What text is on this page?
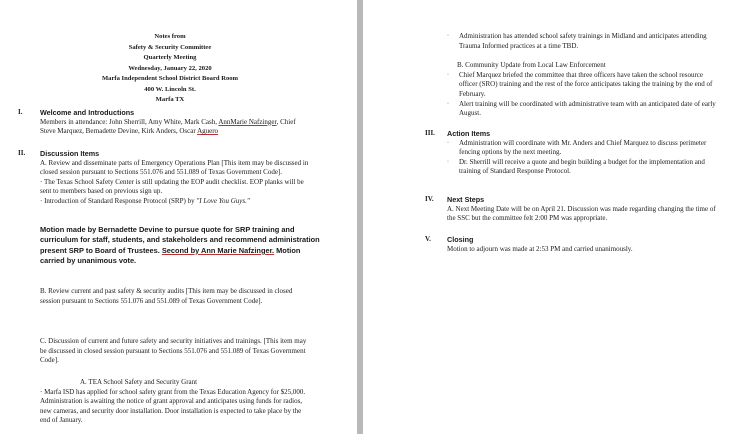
Notes from
Safety & Security Committee
Quarterly Meeting
Wednesday, January 22, 2020
Marfa Independent School District Board Room
400 W. Lincoln St.
Marfa TX
I. Welcome and Introductions
Members in attendance: John Sherrill, Amy White, Mark Cash, AnnMarie Nafzinger, Chief Steve Marquez, Bernadette Devine, Kirk Anders, Oscar Aguero
II. Discussion Items
A. Review and disseminate parts of Emergency Operations Plan [This item may be discussed in closed session pursuant to Sections 551.076 and 551.089 of Texas Government Code].
· The Texas School Safety Center is still updating the EOP audit checklist. EOP planks will be sent to members based on previous sign up.
· Introduction of Standard Response Protocol (SRP) by "I Love You Guys."
Motion made by Bernadette Devine to pursue quote for SRP training and curriculum for staff, students, and stakeholders and recommend administration present SRP to Board of Trustees. Second by Ann Marie Nafzinger. Motion carried by unanimous vote.
B. Review current and past safety & security audits [This item may be discussed in closed session pursuant to Sections 551.076 and 551.089 of Texas Government Code].
C. Discussion of current and future safety and security initiatives and trainings. [This item may be discussed in closed session pursuant to Sections 551.076 and 551.089 of Texas Government Code].
A. TEA School Safety and Security Grant
· Marfa ISD has applied for school safety grant from the Texas Education Agency for $25,000. Administration is awaiting the notice of grant approval and anticipates using funds for radios, new cameras, and security door installation. Door installation is expected to take place by the end of January.
·	Administration has attended school safety trainings in Midland and anticipates attending Trauma Informed practices at a time TBD.
B. Community Update from Local Law Enforcement
·	Chief Marquez briefed the committee that three officers have taken the school resource officer (SRO) training and the rest of the force anticipates taking the training by the end of February.
·	Alert training will be coordinated with administrative team with an anticipated date of early August.
III. Action Items
·	Administration will coordinate with Mr. Anders and Chief Marquez to discuss perimeter fencing options by the next meeting.
·	Dr. Sherrill will receive a quote and begin building a budget for the implementation and training of Standard Response Protocol.
IV. Next Steps
A. Next Meeting Date will be on April 21. Discussion was made regarding changing the time of the SSC but the committee felt 2:00 PM was appropriate.
V. Closing
Motion to adjourn was made at 2:53 PM and carried unanimously.
